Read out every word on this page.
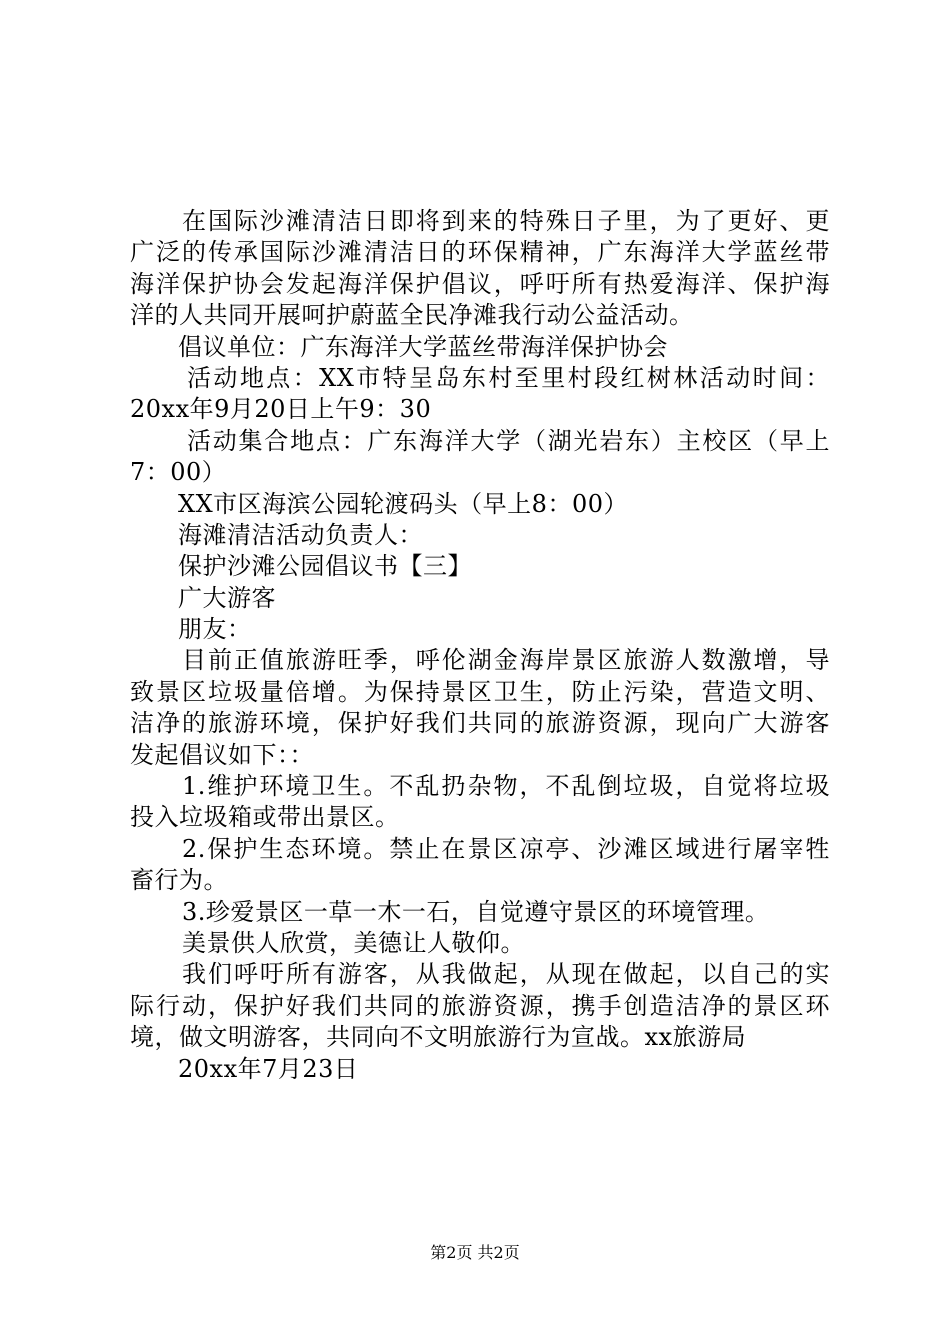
在国际沙滩清洁日即将到来的特殊日子里，为了更好、更
广泛的传承国际沙滩清洁日的环保精神，广东海洋大学蓝丝带
海洋保护协会发起海洋保护倡议，呼吁所有热爱海洋、保护海
洋的人共同开展呵护蔚蓝全民净滩我行动公益活动。
倡议单位：广东海洋大学蓝丝带海洋保护协会
活动地点：XX市特呈岛东村至里村段红树林活动时间：
20xx年9月20日上午9：30
活动集合地点：广东海洋大学（湖光岩东）主校区（早上
7：00）
XX市区海滨公园轮渡码头（早上8：00）
海滩清洁活动负责人：
保护沙滩公园倡议书【三】
广大游客
朋友：
目前正值旅游旺季，呼伦湖金海岸景区旅游人数激增，导
致景区垃圾量倍增。为保持景区卫生，防止污染，营造文明、
洁净的旅游环境，保护好我们共同的旅游资源，现向广大游客
发起倡议如下：：
1.维护环境卫生。不乱扔杂物，不乱倒垃圾，自觉将垃圾
投入垃圾箱或带出景区。
2.保护生态环境。禁止在景区凉亭、沙滩区域进行屠宰牲
畜行为。
3.珍爱景区一草一木一石，自觉遵守景区的环境管理。
美景供人欣赏，美德让人敬仰。
我们呼吁所有游客，从我做起，从现在做起，以自己的实
际行动，保护好我们共同的旅游资源，携手创造洁净的景区环
境，做文明游客，共同向不文明旅游行为宣战。xx旅游局
20xx年7月23日
第2页 共2页
